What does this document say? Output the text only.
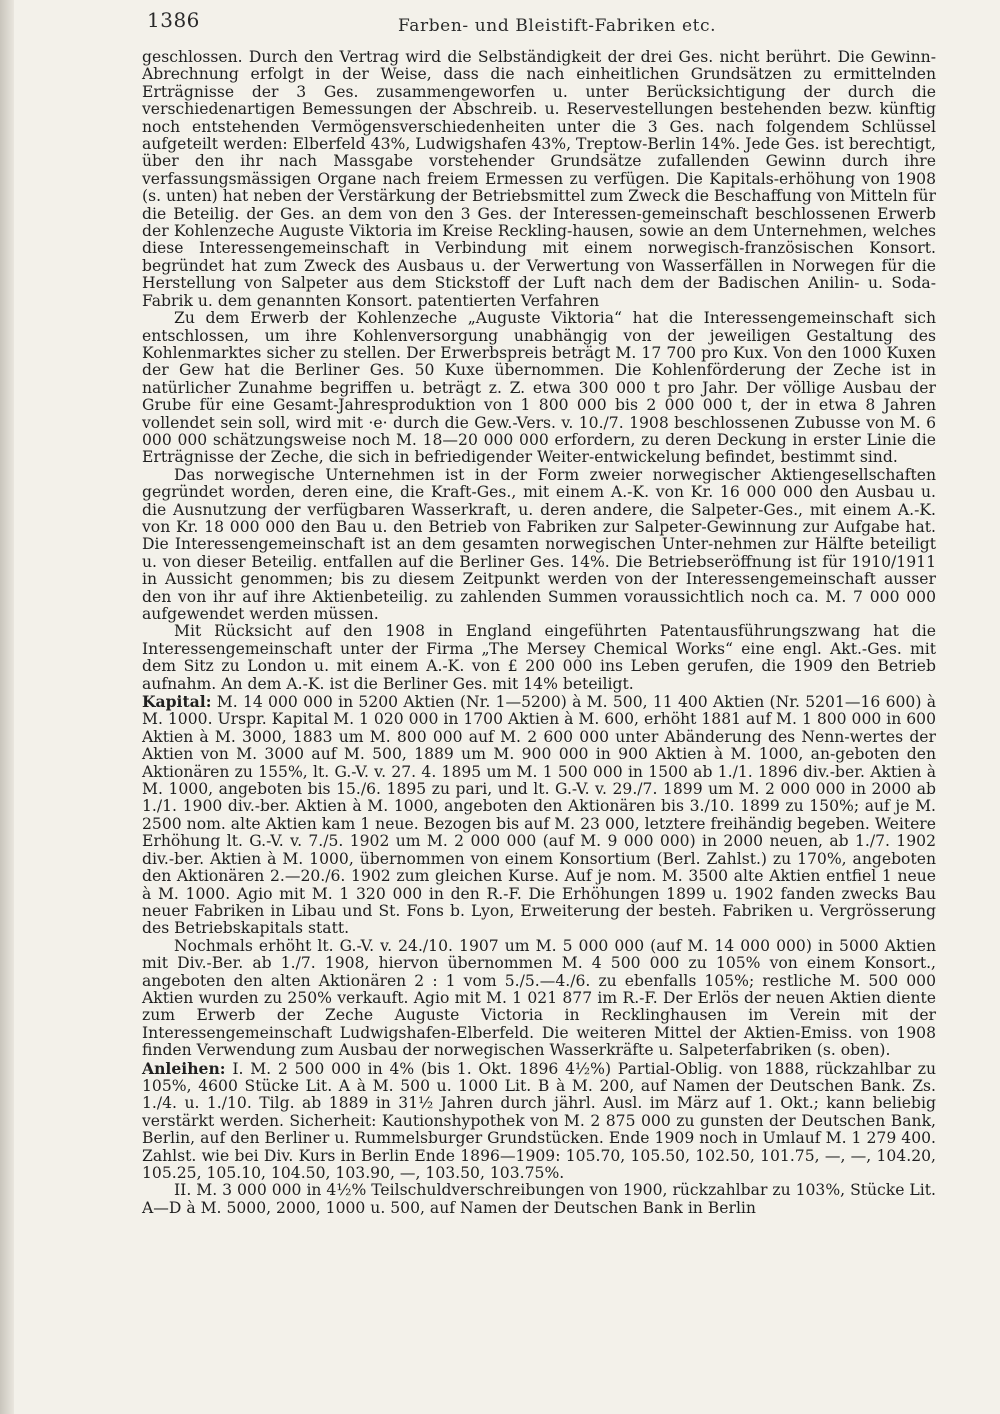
1386	Farben- und Bleistift-Fabriken etc.

geschlossen. Durch den Vertrag wird die Selbständigkeit der drei Ges. nicht berührt. Die Gewinn-Abrechnung erfolgt in der Weise, dass die nach einheitlichen Grundsätzen zu ermittelnden Erträgnisse der 3 Ges. zusammengeworfen u. unter Berücksichtigung der durch die verschiedenartigen Bemessungen der Abschreib. u. Reservestellungen bestehenden bezw. künftig noch entstehenden Vermögensverschiedenheiten unter die 3 Ges. nach folgendem Schlüssel aufgeteilt werden: Elberfeld 43%, Ludwigshafen 43%, Treptow-Berlin 14%. Jede Ges. ist berechtigt, über den ihr nach Massgabe vorstehender Grundsätze zufallenden Gewinn durch ihre verfassungsmässigen Organe nach freiem Ermessen zu verfügen. Die Kapitals-erhöhung von 1908 (s. unten) hat neben der Verstärkung der Betriebsmittel zum Zweck die Beschaffung von Mitteln für die Beteilig. der Ges. an dem von den 3 Ges. der Interessen-gemeinschaft beschlossenen Erwerb der Kohlenzeche Auguste Viktoria im Kreise Reckling-hausen, sowie an dem Unternehmen, welches diese Interessengemeinschaft in Verbindung mit einem norwegisch-französischen Konsort. begründet hat zum Zweck des Ausbaus u. der Verwertung von Wasserfällen in Norwegen für die Herstellung von Salpeter aus dem Stickstoff der Luft nach dem der Badischen Anilin- u. Soda-Fabrik u. dem genannten Konsort. patentierten Verfahren

Zu dem Erwerb der Kohlenzeche „Auguste Viktoria“ hat die Interessengemeinschaft sich entschlossen, um ihre Kohlenversorgung unabhängig von der jeweiligen Gestaltung des Kohlenmarktes sicher zu stellen. Der Erwerbspreis beträgt M. 17 700 pro Kux. Von den 1000 Kuxen der Gew hat die Berliner Ges. 50 Kuxe übernommen. Die Kohlenförderung der Zeche ist in natürlicher Zunahme begriffen u. beträgt z. Z. etwa 300 000 t pro Jahr. Der völlige Ausbau der Grube für eine Gesamt-Jahresproduktion von 1 800 000 bis 2 000 000 t, der in etwa 8 Jahren vollendet sein soll, wird mit ·e· durch die Gew.-Vers. v. 10./7. 1908 beschlossenen Zubusse von M. 6 000 000 schätzungsweise noch M. 18—20 000 000 erfordern, zu deren Deckung in erster Linie die Erträgnisse der Zeche, die sich in befriedigender Weiter-entwickelung befindet, bestimmt sind.

Das norwegische Unternehmen ist in der Form zweier norwegischer Aktiengesellschaften gegründet worden, deren eine, die Kraft-Ges., mit einem A.-K. von Kr. 16 000 000 den Ausbau u. die Ausnutzung der verfügbaren Wasserkraft, u. deren andere, die Salpeter-Ges., mit einem A.-K. von Kr. 18 000 000 den Bau u. den Betrieb von Fabriken zur Salpeter-Gewinnung zur Aufgabe hat. Die Interessengemeinschaft ist an dem gesamten norwegischen Unter-nehmen zur Hälfte beteiligt u. von dieser Beteilig. entfallen auf die Berliner Ges. 14%. Die Betriebseröffnung ist für 1910/1911 in Aussicht genommen; bis zu diesem Zeitpunkt werden von der Interessengemeinschaft ausser den von ihr auf ihre Aktienbeteilig. zu zahlenden Summen voraussichtlich noch ca. M. 7 000 000 aufgewendet werden müssen.

Mit Rücksicht auf den 1908 in England eingeführten Patentausführungszwang hat die Interessengemeinschaft unter der Firma „The Mersey Chemical Works“ eine engl. Akt.-Ges. mit dem Sitz zu London u. mit einem A.-K. von £ 200 000 ins Leben gerufen, die 1909 den Betrieb aufnahm. An dem A.-K. ist die Berliner Ges. mit 14% beteiligt.

Kapital: M. 14 000 000 in 5200 Aktien (Nr. 1—5200) à M. 500, 11 400 Aktien (Nr. 5201—16 600) à M. 1000. Urspr. Kapital M. 1 020 000 in 1700 Aktien à M. 600, erhöht 1881 auf M. 1 800 000 in 600 Aktien à M. 3000, 1883 um M. 800 000 auf M. 2 600 000 unter Abänderung des Nenn-wertes der Aktien von M. 3000 auf M. 500, 1889 um M. 900 000 in 900 Aktien à M. 1000, an-geboten den Aktionären zu 155%, lt. G.-V. v. 27. 4. 1895 um M. 1 500 000 in 1500 ab 1./1. 1896 div.-ber. Aktien à M. 1000, angeboten bis 15./6. 1895 zu pari, und lt. G.-V. v. 29./7. 1899 um M. 2 000 000 in 2000 ab 1./1. 1900 div.-ber. Aktien à M. 1000, angeboten den Aktionären bis 3./10. 1899 zu 150%; auf je M. 2500 nom. alte Aktien kam 1 neue. Bezogen bis auf M. 23 000, letztere freihändig begeben. Weitere Erhöhung lt. G.-V. v. 7./5. 1902 um M. 2 000 000 (auf M. 9 000 000) in 2000 neuen, ab 1./7. 1902 div.-ber. Aktien à M. 1000, übernommen von einem Konsortium (Berl. Zahlst.) zu 170%, angeboten den Aktionären 2.—20./6. 1902 zum gleichen Kurse. Auf je nom. M. 3500 alte Aktien entfiel 1 neue à M. 1000. Agio mit M. 1 320 000 in den R.-F. Die Erhöhungen 1899 u. 1902 fanden zwecks Bau neuer Fabriken in Libau und St. Fons b. Lyon, Erweiterung der besteh. Fabriken u. Vergrösserung des Betriebskapitals statt.

Nochmals erhöht lt. G.-V. v. 24./10. 1907 um M. 5 000 000 (auf M. 14 000 000) in 5000 Aktien mit Div.-Ber. ab 1./7. 1908, hiervon übernommen M. 4 500 000 zu 105% von einem Konsort., angeboten den alten Aktionären 2 : 1 vom 5./5.—4./6. zu ebenfalls 105%; restliche M. 500 000 Aktien wurden zu 250% verkauft. Agio mit M. 1 021 877 im R.-F. Der Erlös der neuen Aktien diente zum Erwerb der Zeche Auguste Victoria in Recklinghausen im Verein mit der Interessengemeinschaft Ludwigshafen-Elberfeld. Die weiteren Mittel der Aktien-Emiss. von 1908 finden Verwendung zum Ausbau der norwegischen Wasserkräfte u. Salpeterfabriken (s. oben).

Anleihen: I. M. 2 500 000 in 4% (bis 1. Okt. 1896 4½%) Partial-Oblig. von 1888, rückzahlbar zu 105%, 4600 Stücke Lit. A à M. 500 u. 1000 Lit. B à M. 200, auf Namen der Deutschen Bank. Zs. 1./4. u. 1./10. Tilg. ab 1889 in 31½ Jahren durch jährl. Ausl. im März auf 1. Okt.; kann beliebig verstärkt werden. Sicherheit: Kautionshypothek von M. 2 875 000 zu gunsten der Deutschen Bank, Berlin, auf den Berliner u. Rummelsburger Grundstücken. Ende 1909 noch in Umlauf M. 1 279 400. Zahlst. wie bei Div. Kurs in Berlin Ende 1896—1909: 105.70, 105.50, 102.50, 101.75, —, —, 104.20, 105.25, 105.10, 104.50, 103.90, —, 103.50, 103.75%.

II. M. 3 000 000 in 4½% Teilschuldverschreibungen von 1900, rückzahlbar zu 103%, Stücke Lit. A—D à M. 5000, 2000, 1000 u. 500, auf Namen der Deutschen Bank in Berlin
